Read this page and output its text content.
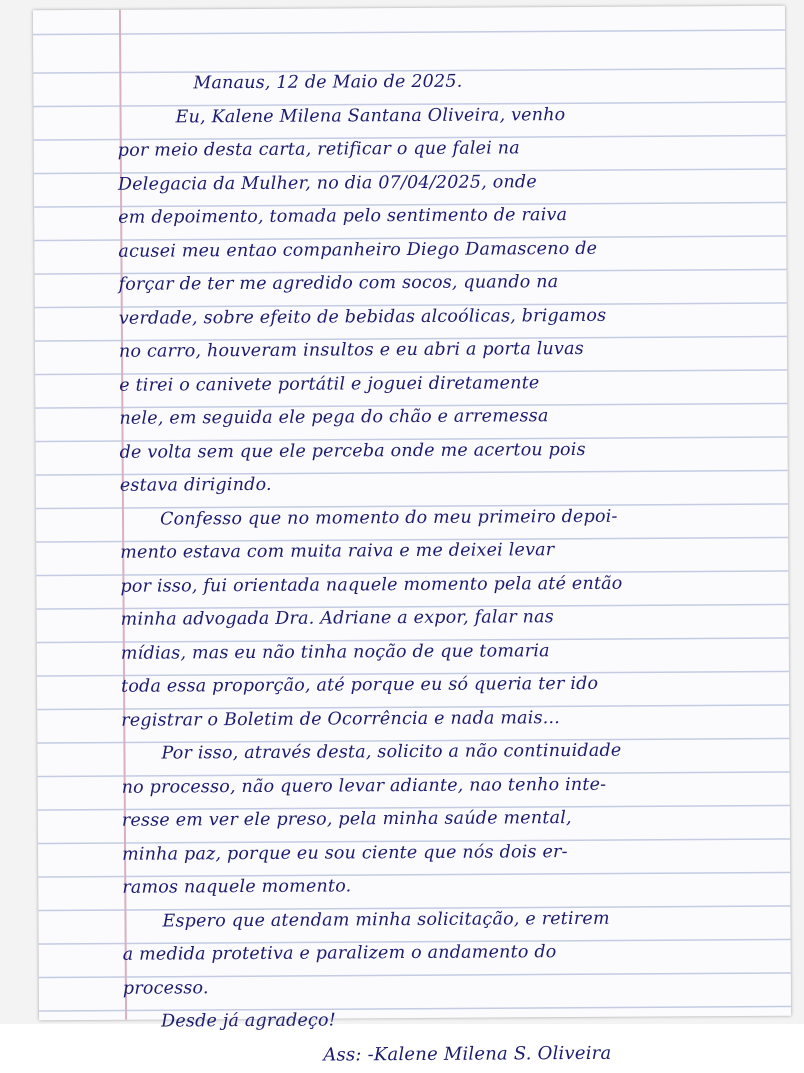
Manaus, 12 de Maio de 2025.
Eu, Kalene Milena Santana Oliveira, venho
por meio desta carta, retificar o que falei na
Delegacia da Mulher, no dia 07/04/2025, onde
em depoimento, tomada pelo sentimento de raiva
acusei meu entao companheiro Diego Damasceno de
forçar de ter me agredido com socos, quando na
verdade, sobre efeito de bebidas alcoólicas, brigamos
no carro, houveram insultos e eu abri a porta luvas
e tirei o canivete portátil e joguei diretamente
nele, em seguida ele pega do chão e arremessa
de volta sem que ele perceba onde me acertou pois
estava dirigindo.
Confesso que no momento do meu primeiro depoi-
mento estava com muita raiva e me deixei levar
por isso, fui orientada naquele momento pela até então
minha advogada Dra. Adriane a expor, falar nas
mídias, mas eu não tinha noção de que tomaria
toda essa proporção, até porque eu só queria ter ido
registrar o Boletim de Ocorrência e nada mais...
Por isso, através desta, solicito a não continuidade
no processo, não quero levar adiante, nao tenho inte-
resse em ver ele preso, pela minha saúde mental,
minha paz, porque eu sou ciente que nós dois er-
ramos naquele momento.
Espero que atendam minha solicitação, e retirem
a medida protetiva e paralizem o andamento do
processo.
Desde já agradeço!
Ass: -Kalene Milena S. Oliveira
